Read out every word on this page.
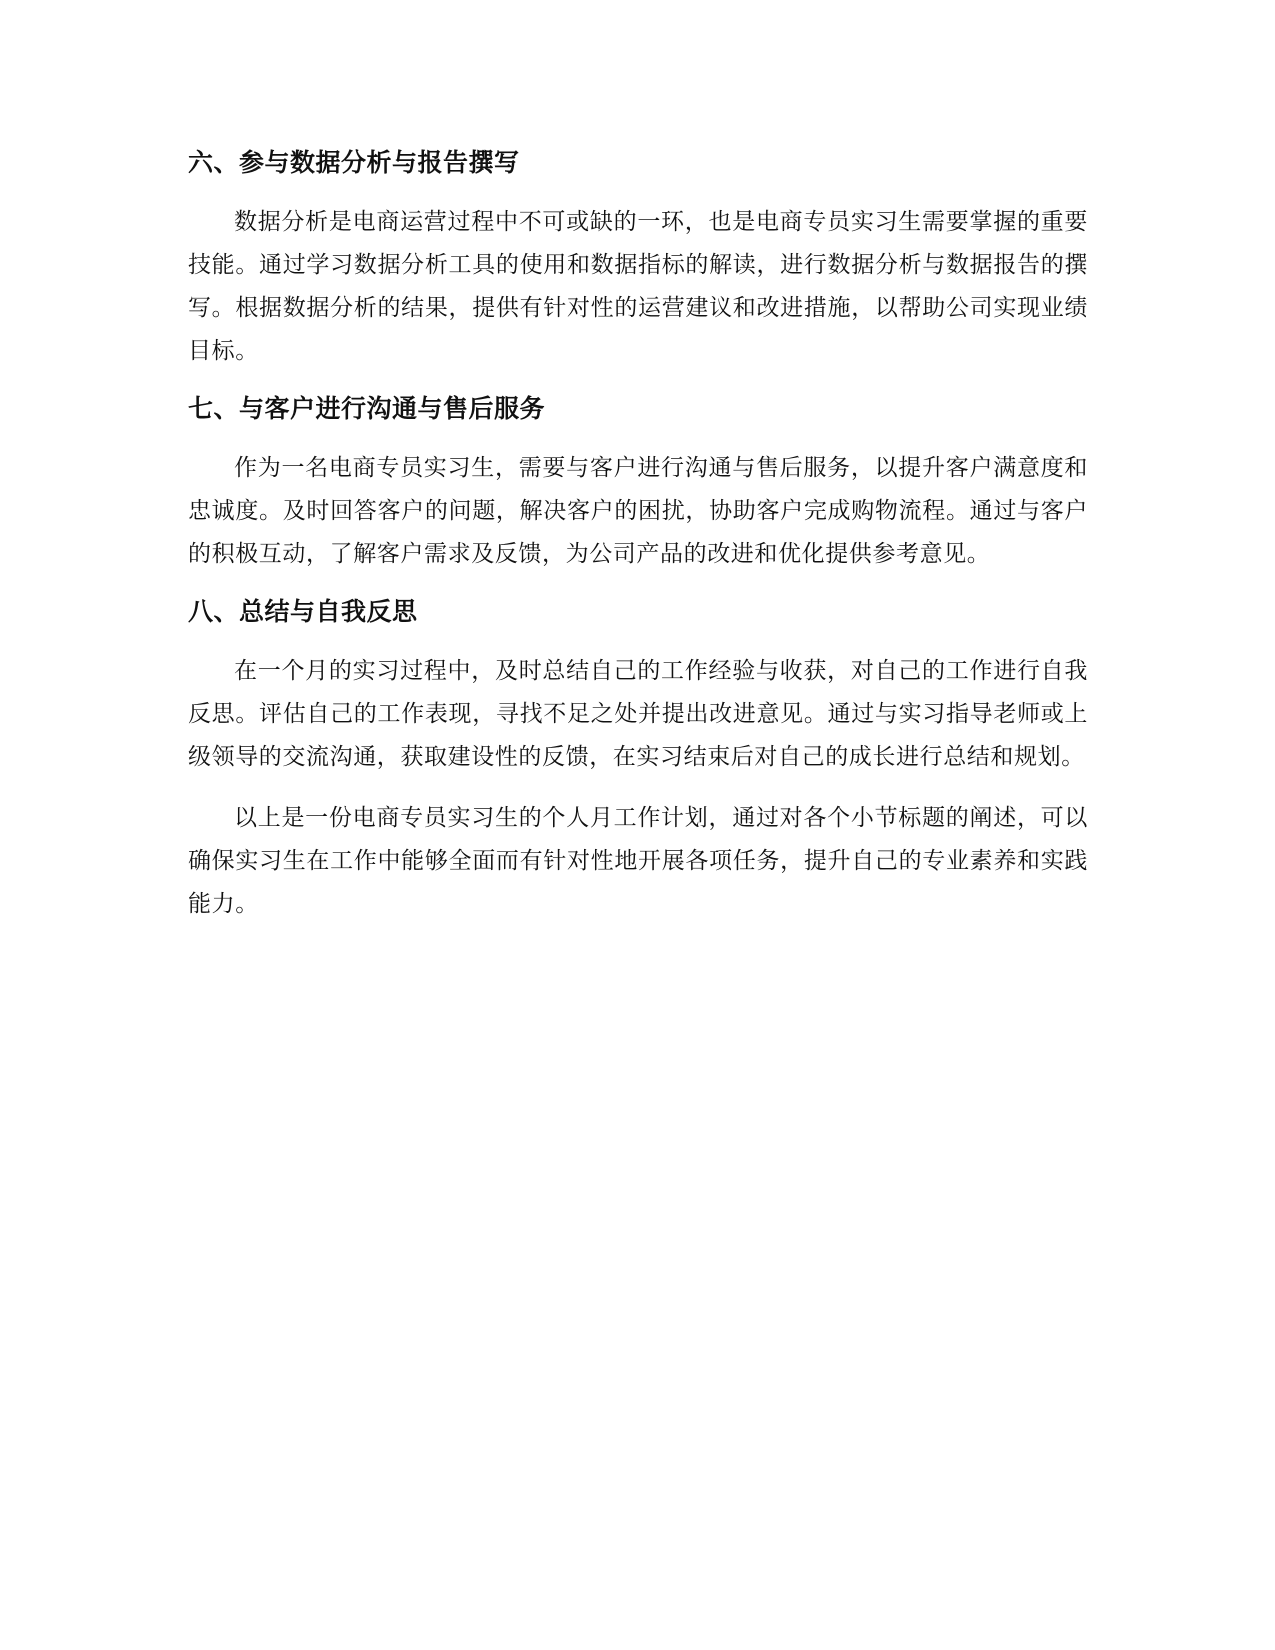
六、参与数据分析与报告撰写

数据分析是电商运营过程中不可或缺的一环，也是电商专员实习生需要掌握的重要技能。通过学习数据分析工具的使用和数据指标的解读，进行数据分析与数据报告的撰写。根据数据分析的结果，提供有针对性的运营建议和改进措施，以帮助公司实现业绩目标。

七、与客户进行沟通与售后服务

作为一名电商专员实习生，需要与客户进行沟通与售后服务，以提升客户满意度和忠诚度。及时回答客户的问题，解决客户的困扰，协助客户完成购物流程。通过与客户的积极互动，了解客户需求及反馈，为公司产品的改进和优化提供参考意见。

八、总结与自我反思

在一个月的实习过程中，及时总结自己的工作经验与收获，对自己的工作进行自我反思。评估自己的工作表现，寻找不足之处并提出改进意见。通过与实习指导老师或上级领导的交流沟通，获取建设性的反馈，在实习结束后对自己的成长进行总结和规划。

以上是一份电商专员实习生的个人月工作计划，通过对各个小节标题的阐述，可以确保实习生在工作中能够全面而有针对性地开展各项任务，提升自己的专业素养和实践能力。
